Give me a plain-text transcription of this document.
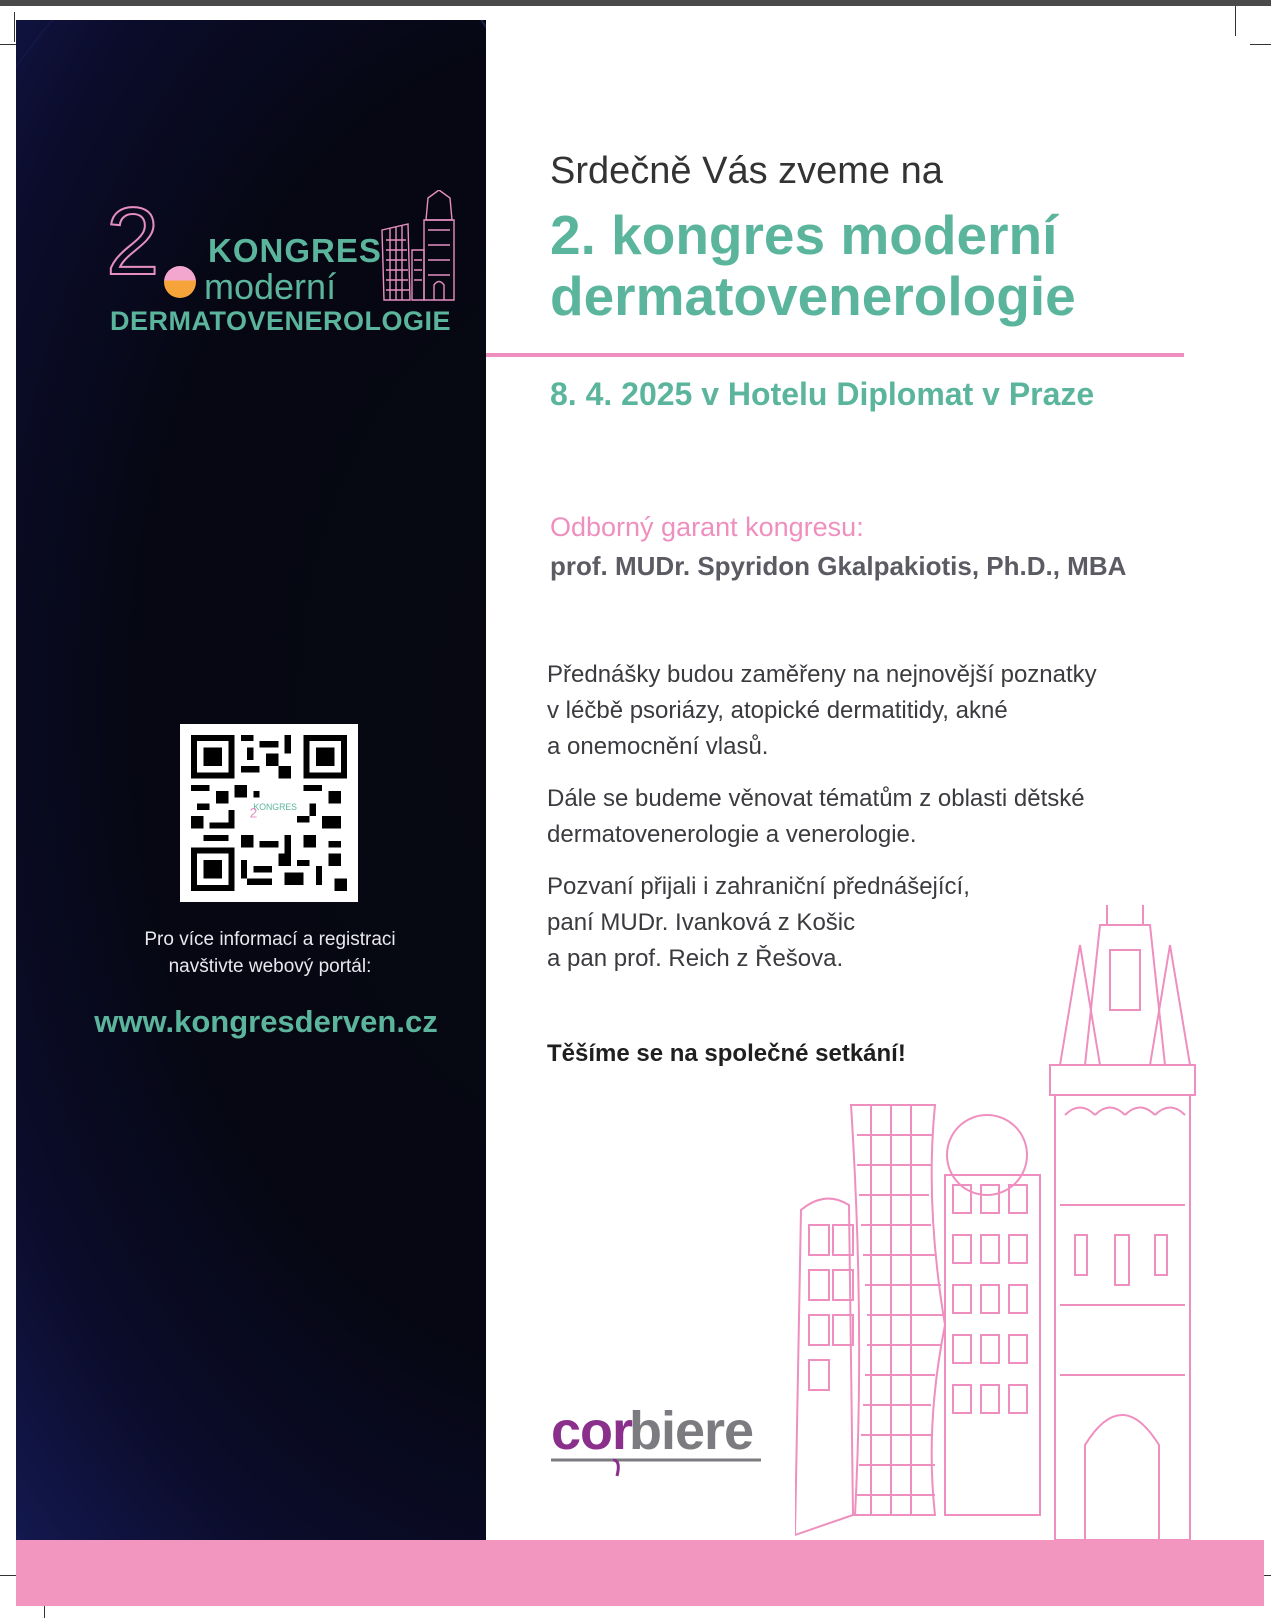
2 KONGRES
moderní
DERMATOVENEROLOGIE
KONGRES
2
Pro více informací a registraci
navštivte webový portál:
www.kongresderven.cz
Srdečně Vás zveme na
2. kongres moderní
dermatovenerologie
8. 4. 2025 v Hotelu Diplomat v Praze
Odborný garant kongresu:
prof. MUDr. Spyridon Gkalpakiotis, Ph.D., MBA
Přednášky budou zaměřeny na nejnovější poznatky
v léčbě psoriázy, atopické dermatitidy, akné
a onemocnění vlasů.
Dále se budeme věnovat tématům z oblasti dětské
dermatovenerologie a venerologie.
Pozvaní přijali i zahraniční přednášející,
paní MUDr. Ivanková z Košic
a pan prof. Reich z Řešova.
Těšíme se na společné setkání!
cor
biere
